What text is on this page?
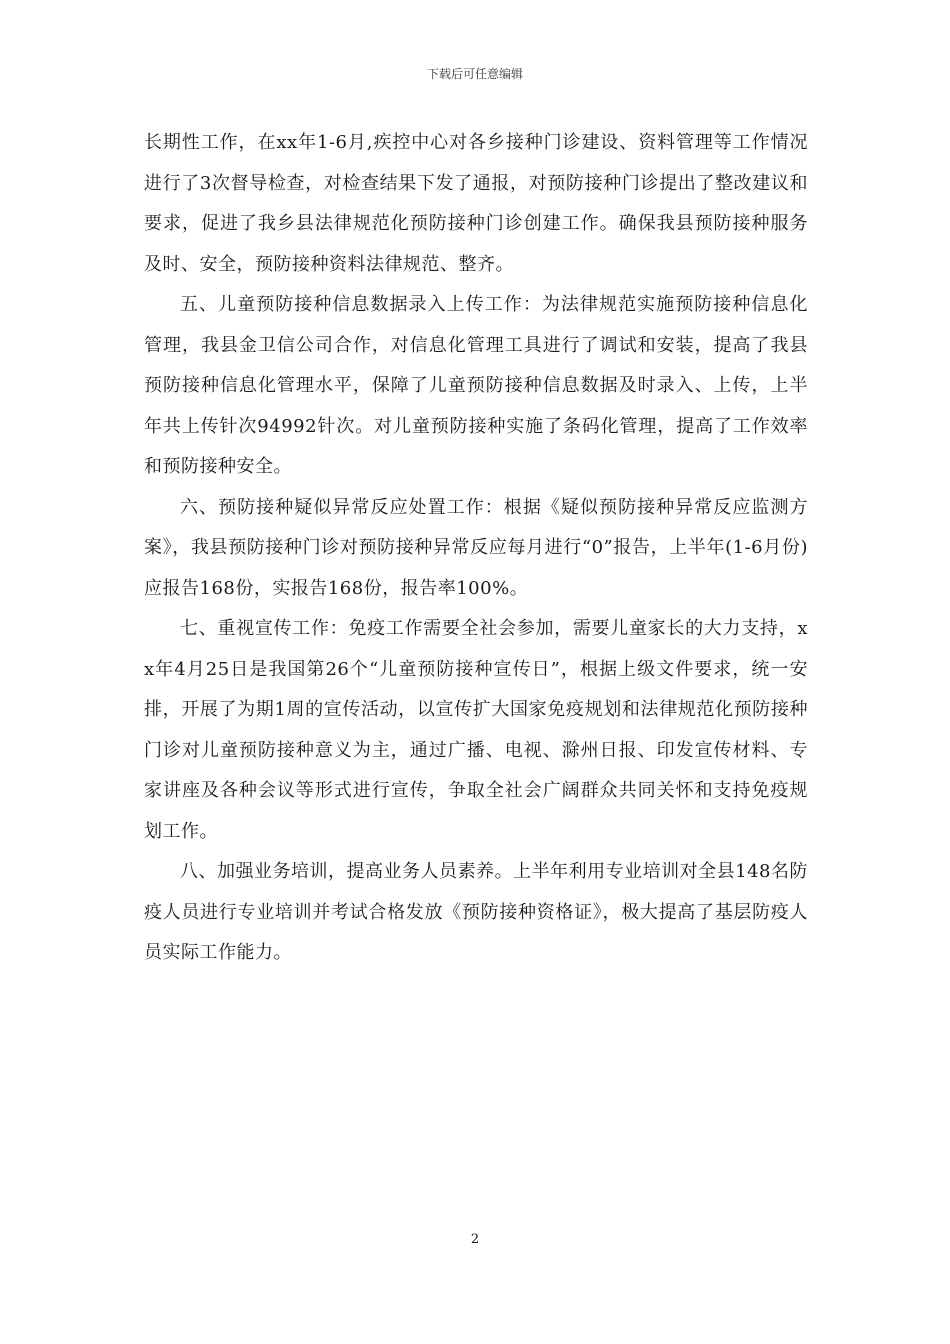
下载后可任意编辑

长期性工作，在xx年1-6月,疾控中心对各乡接种门诊建设、资料管理等工作情况进行了3次督导检查，对检查结果下发了通报，对预防接种门诊提出了整改建议和要求，促进了我乡县法律规范化预防接种门诊创建工作。确保我县预防接种服务及时、安全，预防接种资料法律规范、整齐。

五、儿童预防接种信息数据录入上传工作：为法律规范实施预防接种信息化管理，我县金卫信公司合作，对信息化管理工具进行了调试和安装，提高了我县预防接种信息化管理水平，保障了儿童预防接种信息数据及时录入、上传，上半年共上传针次94992针次。对儿童预防接种实施了条码化管理，提高了工作效率和预防接种安全。

六、预防接种疑似异常反应处置工作：根据《疑似预防接种异常反应监测方案》，我县预防接种门诊对预防接种异常反应每月进行“0”报告，上半年(1-6月份)应报告168份，实报告168份，报告率100%。

七、重视宣传工作：免疫工作需要全社会参加，需要儿童家长的大力支持，xx年4月25日是我国第26个“儿童预防接种宣传日”，根据上级文件要求，统一安排，开展了为期1周的宣传活动，以宣传扩大国家免疫规划和法律规范化预防接种门诊对儿童预防接种意义为主，通过广播、电视、滁州日报、印发宣传材料、专家讲座及各种会议等形式进行宣传，争取全社会广阔群众共同关怀和支持免疫规划工作。

八、加强业务培训，提高业务人员素养。上半年利用专业培训对全县148名防疫人员进行专业培训并考试合格发放《预防接种资格证》，极大提高了基层防疫人员实际工作能力。

2
